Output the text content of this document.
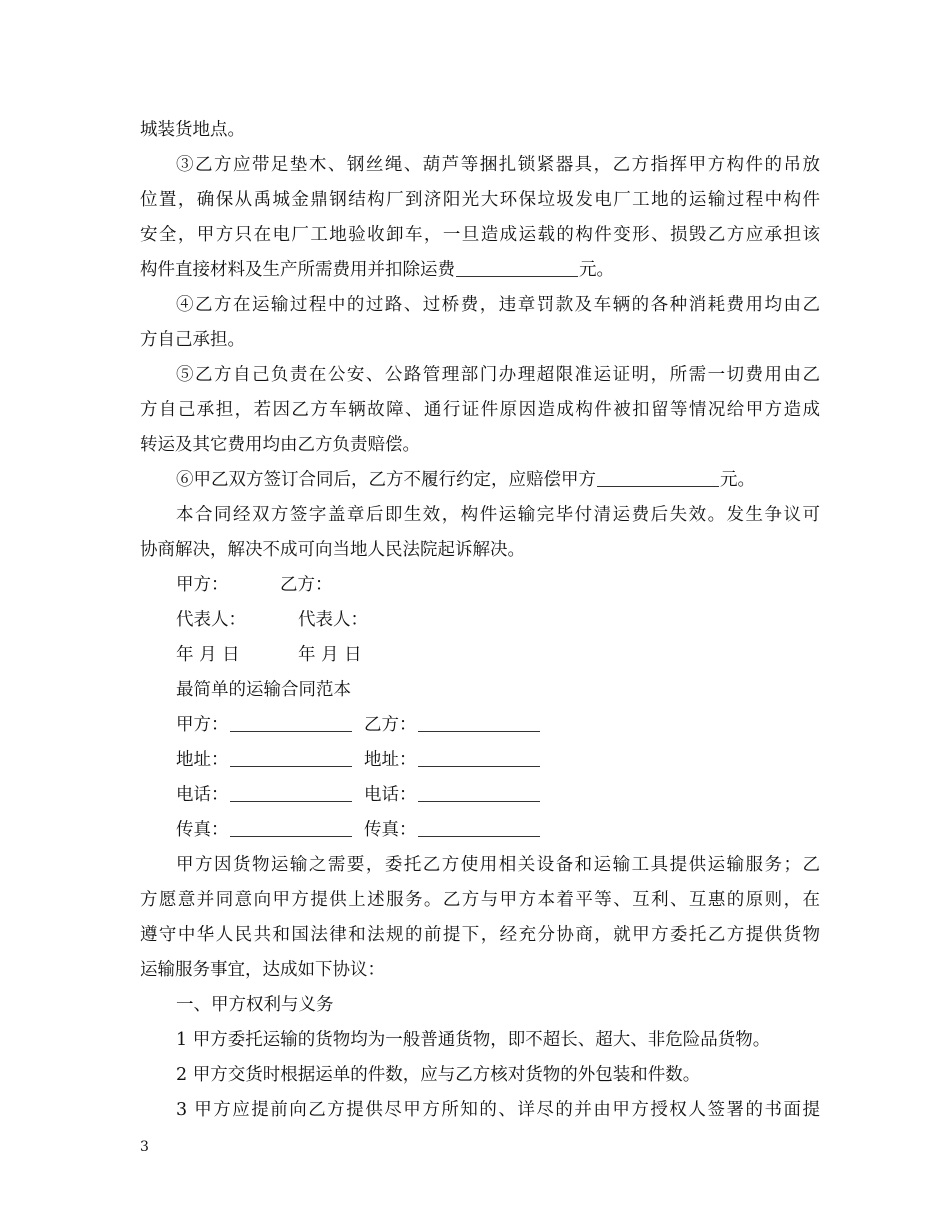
城装货地点。
③乙方应带足垫木、钢丝绳、葫芦等捆扎锁紧器具，乙方指挥甲方构件的吊放
位置，确保从禹城金鼎钢结构厂到济阳光大环保垃圾发电厂工地的运输过程中构件
安全，甲方只在电厂工地验收卸车，一旦造成运载的构件变形、损毁乙方应承担该
构件直接材料及生产所需费用并扣除运费	元。
④乙方在运输过程中的过路、过桥费，违章罚款及车辆的各种消耗费用均由乙
方自己承担。
⑤乙方自己负责在公安、公路管理部门办理超限准运证明，所需一切费用由乙
方自己承担，若因乙方车辆故障、通行证件原因造成构件被扣留等情况给甲方造成
转运及其它费用均由乙方负责赔偿。
⑥甲乙双方签订合同后，乙方不履行约定，应赔偿甲方	元。
本合同经双方签字盖章后即生效，构件运输完毕付清运费后失效。发生争议可
协商解决，解决不成可向当地人民法院起诉解决。
甲方：	乙方：
代表人：	代表人：
年 月 日	年 月 日
最简单的运输合同范本
甲方：	乙方：
地址：	地址：
电话：	电话：
传真：	传真：
甲方因货物运输之需要，委托乙方使用相关设备和运输工具提供运输服务；乙
方愿意并同意向甲方提供上述服务。乙方与甲方本着平等、互利、互惠的原则，在
遵守中华人民共和国法律和法规的前提下，经充分协商，就甲方委托乙方提供货物
运输服务事宜，达成如下协议：
一、甲方权利与义务
1 甲方委托运输的货物均为一般普通货物，即不超长、超大、非危险品货物。
2 甲方交货时根据运单的件数，应与乙方核对货物的外包装和件数。
3 甲方应提前向乙方提供尽甲方所知的、详尽的并由甲方授权人签署的书面提
3
